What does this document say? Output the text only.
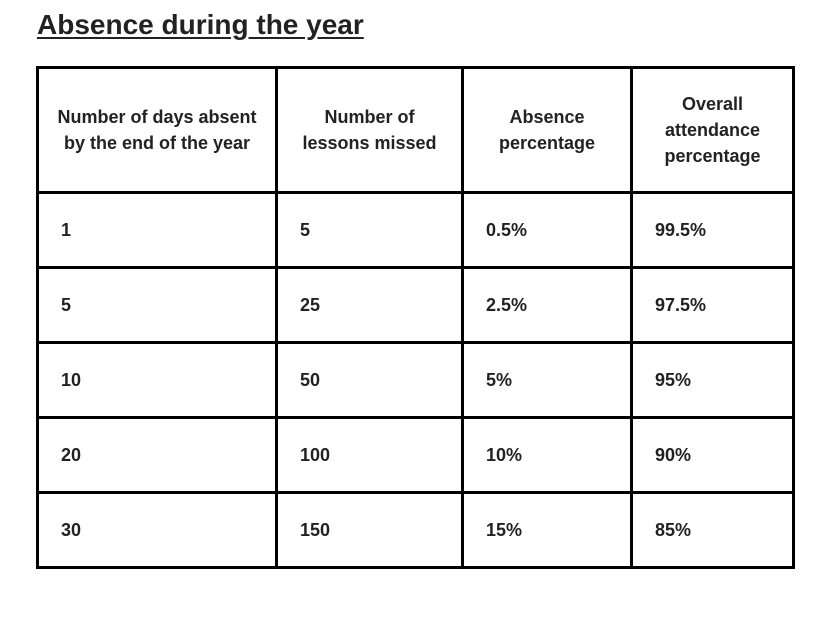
Absence during the year
Number of days absent by the end of the year	Number of lessons missed	Absence percentage	Overall attendance percentage
1	5	0.5%	99.5%
5	25	2.5%	97.5%
10	50	5%	95%
20	100	10%	90%
30	150	15%	85%
